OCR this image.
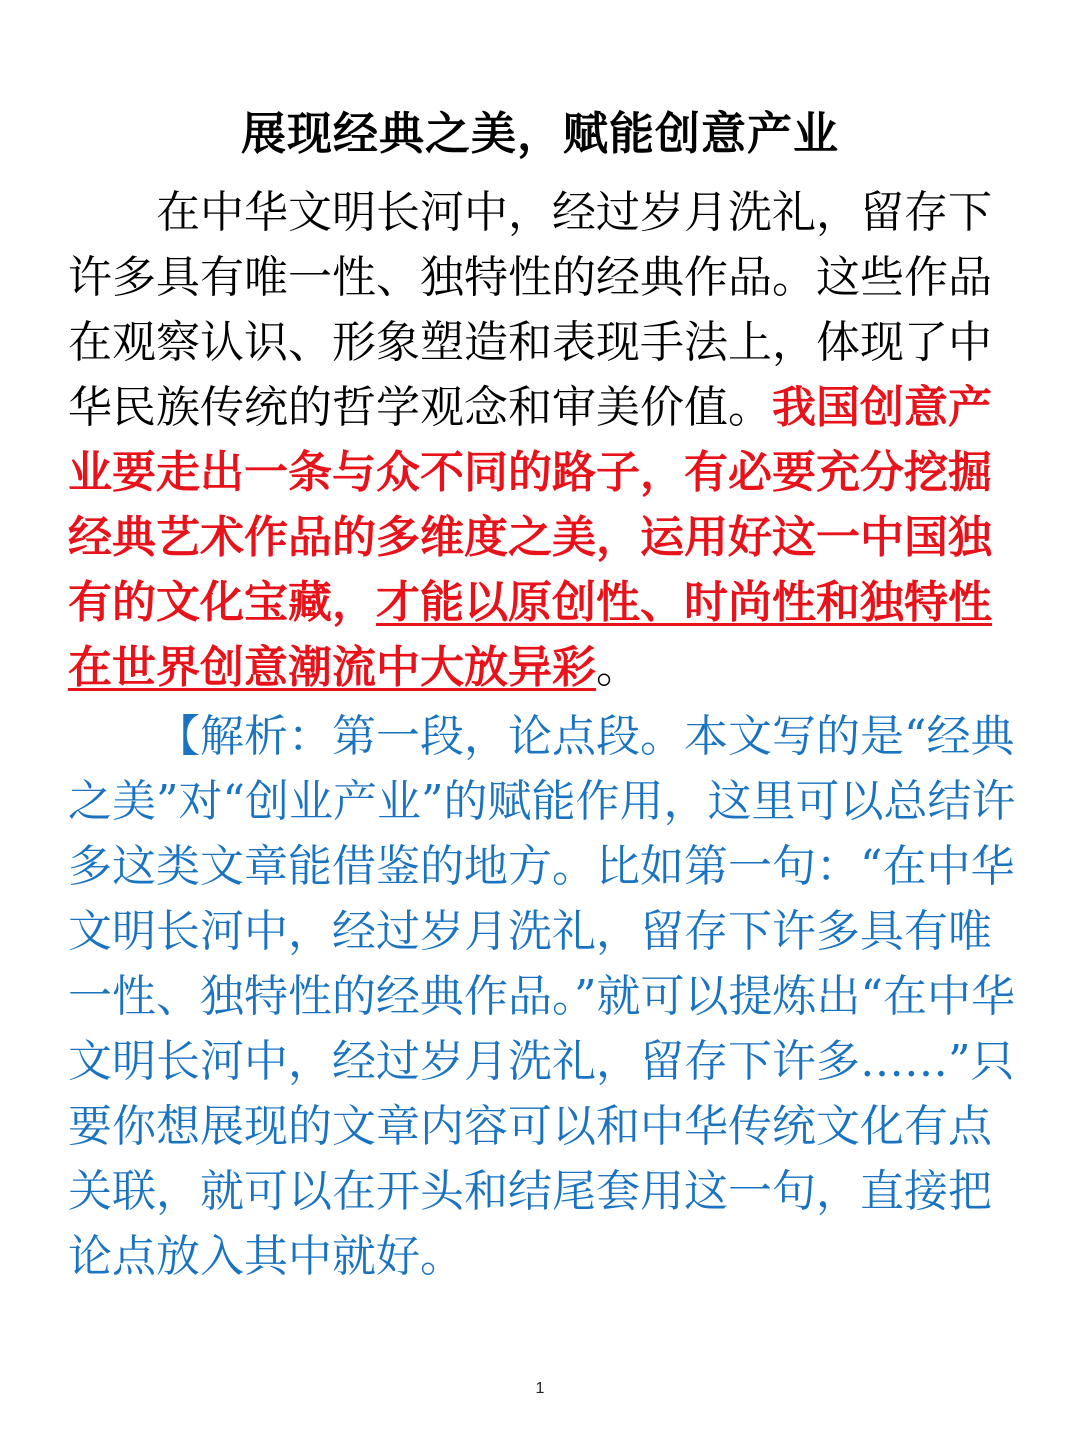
展现经典之美，赋能创意产业

在中华文明长河中，经过岁月洗礼，留存下许多具有唯一性、独特性的经典作品。这些作品在观察认识、形象塑造和表现手法上，体现了中华民族传统的哲学观念和审美价值。我国创意产业要走出一条与众不同的路子，有必要充分挖掘经典艺术作品的多维度之美，运用好这一中国独有的文化宝藏，才能以原创性、时尚性和独特性在世界创意潮流中大放异彩。

【解析：第一段，论点段。本文写的是“经典之美”对“创业产业”的赋能作用，这里可以总结许多这类文章能借鉴的地方。比如第一句：“在中华文明长河中，经过岁月洗礼，留存下许多具有唯一性、独特性的经典作品。”就可以提炼出“在中华文明长河中，经过岁月洗礼，留存下许多……”只要你想展现的文章内容可以和中华传统文化有点关联，就可以在开头和结尾套用这一句，直接把论点放入其中就好。

1
